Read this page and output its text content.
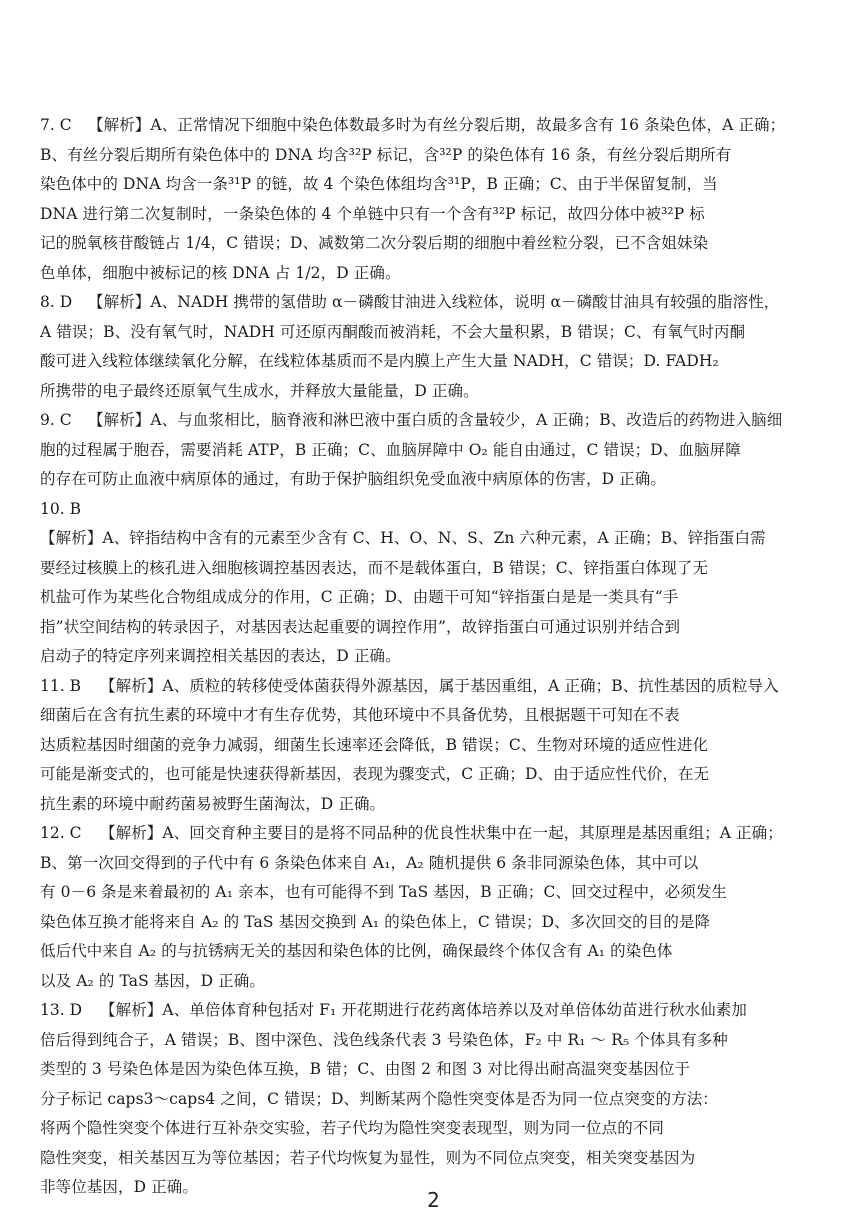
7. C 【解析】A、正常情况下细胞中染色体数最多时为有丝分裂后期，故最多含有 16 条染色体，A 正确；
B、有丝分裂后期所有染色体中的 DNA 均含³²P 标记，含³²P 的染色体有 16 条，有丝分裂后期所有
染色体中的 DNA 均含一条³¹P 的链，故 4 个染色体组均含³¹P，B 正确；C、由于半保留复制，当
DNA 进行第二次复制时，一条染色体的 4 个单链中只有一个含有³²P 标记，故四分体中被³²P 标
记的脱氧核苷酸链占 1/4，C 错误；D、减数第二次分裂后期的细胞中着丝粒分裂，已不含姐妹染
色单体，细胞中被标记的核 DNA 占 1/2，D 正确。
8. D 【解析】A、NADH 携带的氢借助 α－磷酸甘油进入线粒体，说明 α－磷酸甘油具有较强的脂溶性，
A 错误；B、没有氧气时，NADH 可还原丙酮酸而被消耗，不会大量积累，B 错误；C、有氧气时丙酮
酸可进入线粒体继续氧化分解，在线粒体基质而不是内膜上产生大量 NADH，C 错误；D. FADH₂
所携带的电子最终还原氧气生成水，并释放大量能量，D 正确。
9. C 【解析】A、与血浆相比，脑脊液和淋巴液中蛋白质的含量较少，A 正确；B、改造后的药物进入脑细
胞的过程属于胞吞，需要消耗 ATP，B 正确；C、血脑屏障中 O₂ 能自由通过，C 错误；D、血脑屏障
的存在可防止血液中病原体的通过，有助于保护脑组织免受血液中病原体的伤害，D 正确。
10. B【解析】A、锌指结构中含有的元素至少含有 C、H、O、N、S、Zn 六种元素，A 正确；B、锌指蛋白需
要经过核膜上的核孔进入细胞核调控基因表达，而不是载体蛋白，B 错误；C、锌指蛋白体现了无
机盐可作为某些化合物组成成分的作用，C 正确；D、由题干可知“锌指蛋白是是一类具有“手
指”状空间结构的转录因子，对基因表达起重要的调控作用”，故锌指蛋白可通过识别并结合到
启动子的特定序列来调控相关基因的表达，D 正确。
11. B 【解析】A、质粒的转移使受体菌获得外源基因，属于基因重组，A 正确；B、抗性基因的质粒导入
细菌后在含有抗生素的环境中才有生存优势，其他环境中不具备优势，且根据题干可知在不表
达质粒基因时细菌的竞争力减弱，细菌生长速率还会降低，B 错误；C、生物对环境的适应性进化
可能是渐变式的，也可能是快速获得新基因，表现为骤变式，C 正确；D、由于适应性代价，在无
抗生素的环境中耐药菌易被野生菌淘汰，D 正确。
12. C 【解析】A、回交育种主要目的是将不同品种的优良性状集中在一起，其原理是基因重组；A 正确；
B、第一次回交得到的子代中有 6 条染色体来自 A₁，A₂ 随机提供 6 条非同源染色体，其中可以
有 0－6 条是来着最初的 A₁ 亲本，也有可能得不到 TaS 基因，B 正确；C、回交过程中，必须发生
染色体互换才能将来自 A₂ 的 TaS 基因交换到 A₁ 的染色体上，C 错误；D、多次回交的目的是降
低后代中来自 A₂ 的与抗锈病无关的基因和染色体的比例，确保最终个体仅含有 A₁ 的染色体
以及 A₂ 的 TaS 基因，D 正确。
13. D 【解析】A、单倍体育种包括对 F₁ 开花期进行花药离体培养以及对单倍体幼苗进行秋水仙素加
倍后得到纯合子，A 错误；B、图中深色、浅色线条代表 3 号染色体，F₂ 中 R₁ ～ R₅ 个体具有多种
类型的 3 号染色体是因为染色体互换，B 错；C、由图 2 和图 3 对比得出耐高温突变基因位于
分子标记 caps3～caps4 之间，C 错误；D、判断某两个隐性突变体是否为同一位点突变的方法：
将两个隐性突变个体进行互补杂交实验，若子代均为隐性突变表现型，则为同一位点的不同
隐性突变，相关基因互为等位基因；若子代均恢复为显性，则为不同位点突变，相关突变基因为
非等位基因，D 正确。
2
